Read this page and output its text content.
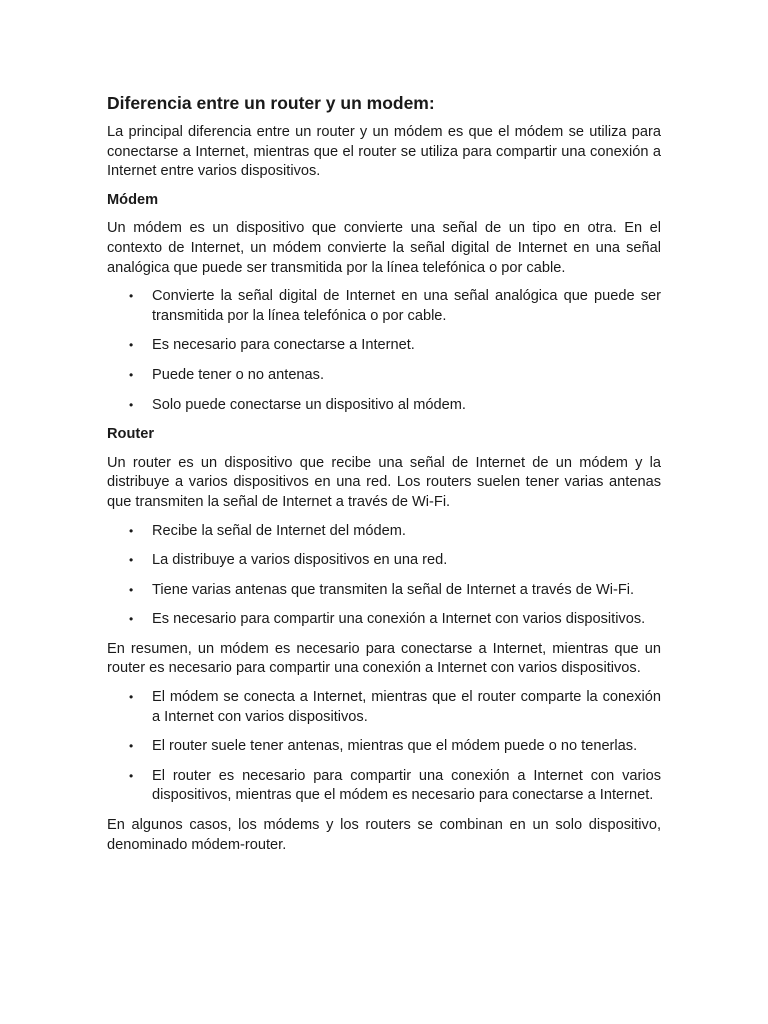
Diferencia entre un router y un modem:

La principal diferencia entre un router y un módem es que el módem se utiliza para conectarse a Internet, mientras que el router se utiliza para compartir una conexión a Internet entre varios dispositivos.

Módem

Un módem es un dispositivo que convierte una señal de un tipo en otra. En el contexto de Internet, un módem convierte la señal digital de Internet en una señal analógica que puede ser transmitida por la línea telefónica o por cable.

• Convierte la señal digital de Internet en una señal analógica que puede ser transmitida por la línea telefónica o por cable.
• Es necesario para conectarse a Internet.
• Puede tener o no antenas.
• Solo puede conectarse un dispositivo al módem.
Router

Un router es un dispositivo que recibe una señal de Internet de un módem y la distribuye a varios dispositivos en una red. Los routers suelen tener varias antenas que transmiten la señal de Internet a través de Wi-Fi.

• Recibe la señal de Internet del módem.
• La distribuye a varios dispositivos en una red.
• Tiene varias antenas que transmiten la señal de Internet a través de Wi-Fi.
• Es necesario para compartir una conexión a Internet con varios dispositivos.

En resumen, un módem es necesario para conectarse a Internet, mientras que un router es necesario para compartir una conexión a Internet con varios dispositivos.

• El módem se conecta a Internet, mientras que el router comparte la conexión a Internet con varios dispositivos.
• El router suele tener antenas, mientras que el módem puede o no tenerlas.
• El router es necesario para compartir una conexión a Internet con varios dispositivos, mientras que el módem es necesario para conectarse a Internet.

En algunos casos, los módems y los routers se combinan en un solo dispositivo, denominado módem-router.
